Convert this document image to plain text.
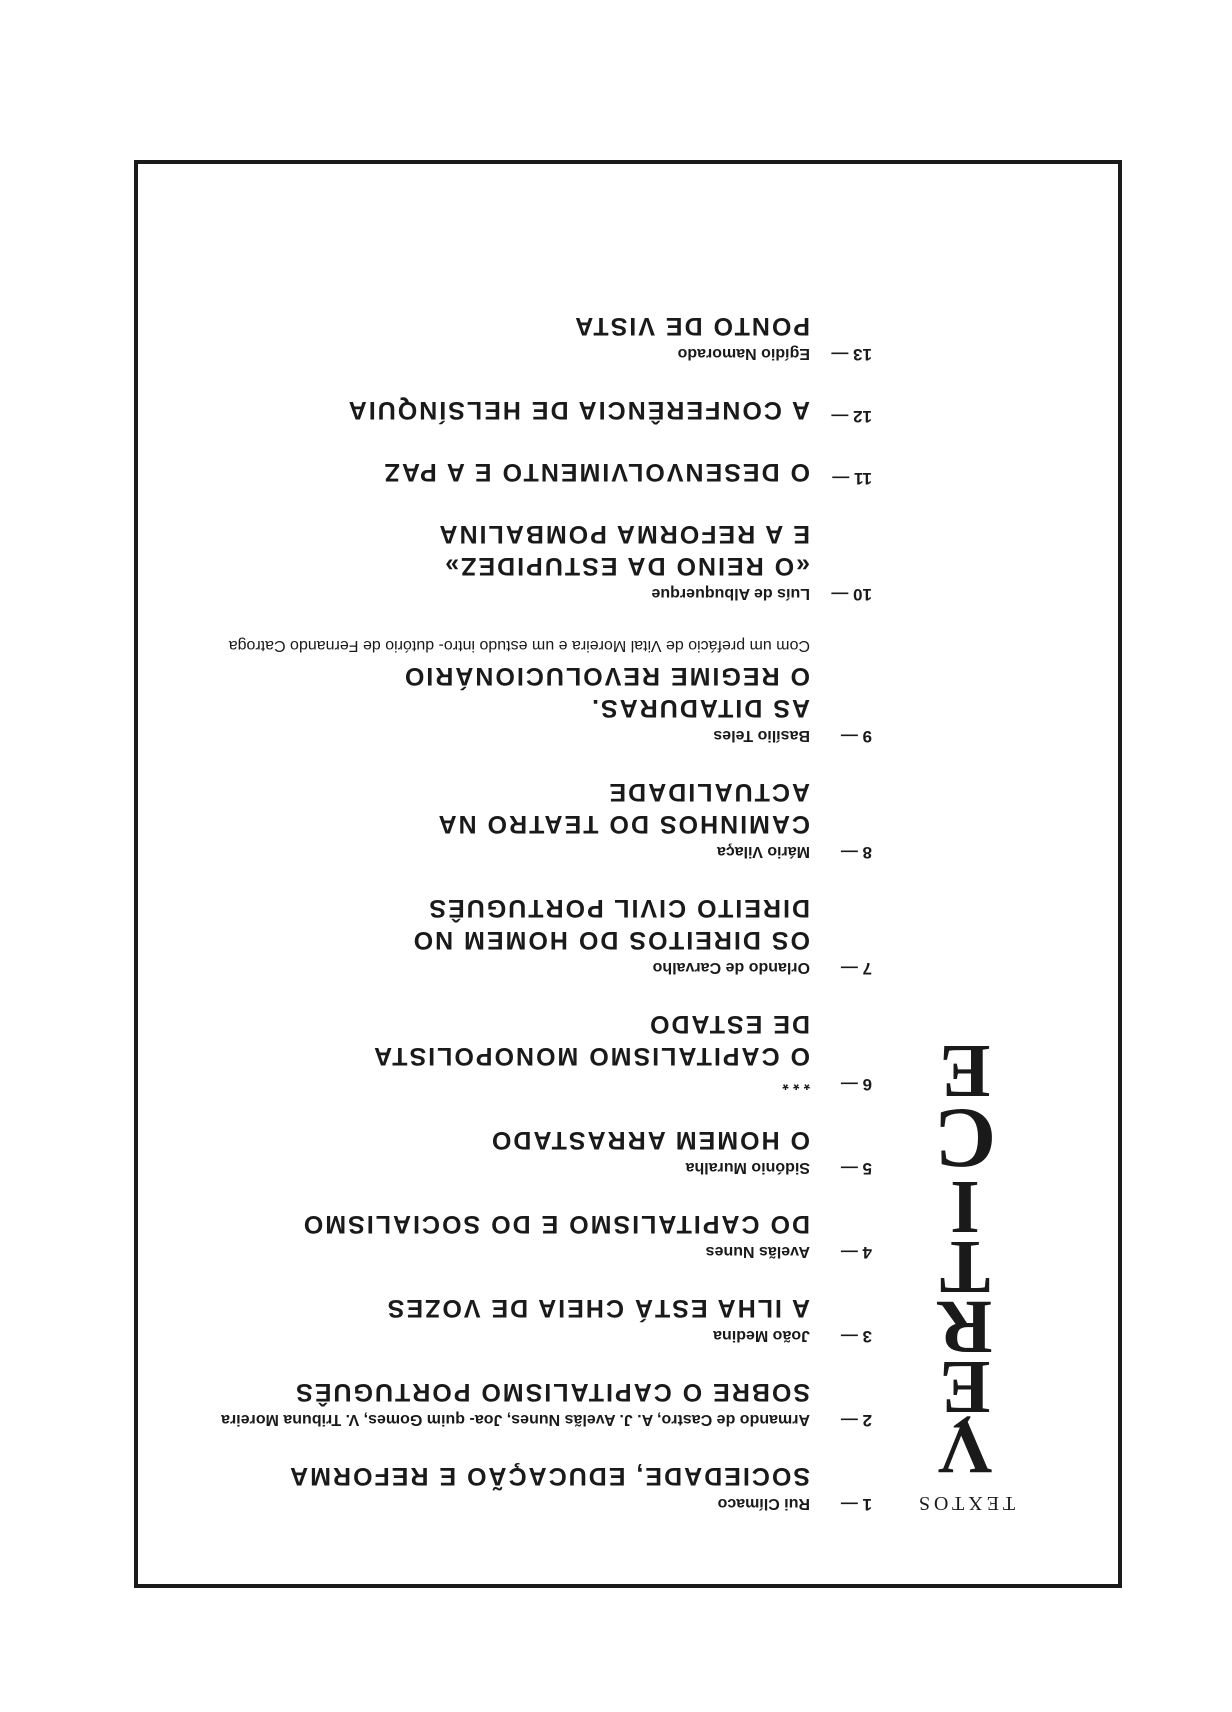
TEXTOS
V
É
R
T
I
C
E
1 —
Rui Clímaco
SOCIEDADE, EDUCAÇÃO E REFORMA
2 —
Armando de Castro, A. J. Avelãs Nunes, Joa- quim Gomes, V. Tribuna Moreira
SOBRE O CAPITALISMO PORTUGUÊS
3 —
João Medina
A ILHA ESTÁ CHEIA DE VOZES
4 —
Avelãs Nunes
DO CAPITALISMO E DO SOCIALISMO
5 —
Sidónio Muralha
O HOMEM ARRASTADO
6 —
* * *
O CAPITALISMO MONOPOLISTA
DE ESTADO
7 —
Orlando de Carvalho
OS DIREITOS DO HOMEM NO
DIREITO CIVIL PORTUGUÊS
8 —
Mário Vilaça
CAMINHOS DO TEATRO NA
ACTUALIDADE
9 —
Basílio Teles
AS DITADURAS.
O REGIME REVOLUCIONÁRIO
Com um prefácio de Vital Moreira e um estudo intro- dutório de Fernando Catroga
10 —
Luís de Albuquerque
«O REINO DA ESTUPIDEZ»
E A REFORMA POMBALINA
11 —
O DESENVOLVIMENTO E A PAZ
12 —
A CONFERÊNCIA DE HELSÍNQUIA
13 —
Egídio Namorado
PONTO DE VISTA
